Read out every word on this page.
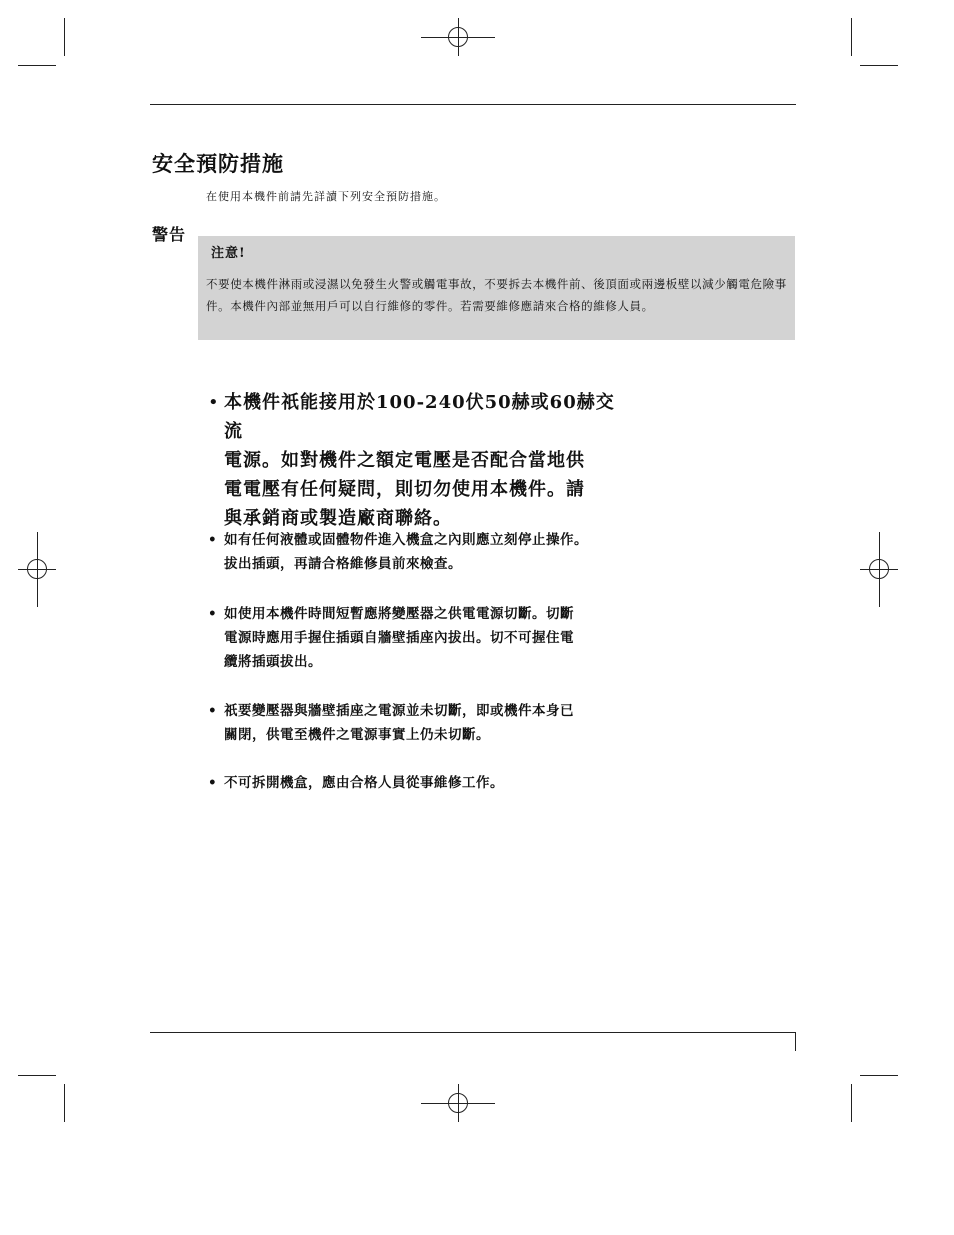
安全預防措施
在使用本機件前請先詳讀下列安全預防措施。
警告
注意!
不要使本機件淋雨或浸濕以免發生火警或觸電事故，不要拆去本機件前、後頂面或兩邊板壁以減少觸電危險事件。本機件內部並無用戶可以自行維修的零件。若需要維修應請來合格的維修人員。
• 本機件祇能接用於100-240伏50赫或60赫交流
電源。如對機件之額定電壓是否配合當地供
電電壓有任何疑問，則切勿使用本機件。請
與承銷商或製造廠商聯絡。
• 如有任何液體或固體物件進入機盒之內則應立刻停止操作。
拔出插頭，再請合格維修員前來檢查。
• 如使用本機件時間短暫應將變壓器之供電電源切斷。切斷
電源時應用手握住插頭自牆壁插座內拔出。切不可握住電
纜將插頭拔出。
• 祇要變壓器與牆壁插座之電源並未切斷，即或機件本身已
關閉，供電至機件之電源事實上仍未切斷。
• 不可拆開機盒，應由合格人員從事維修工作。
